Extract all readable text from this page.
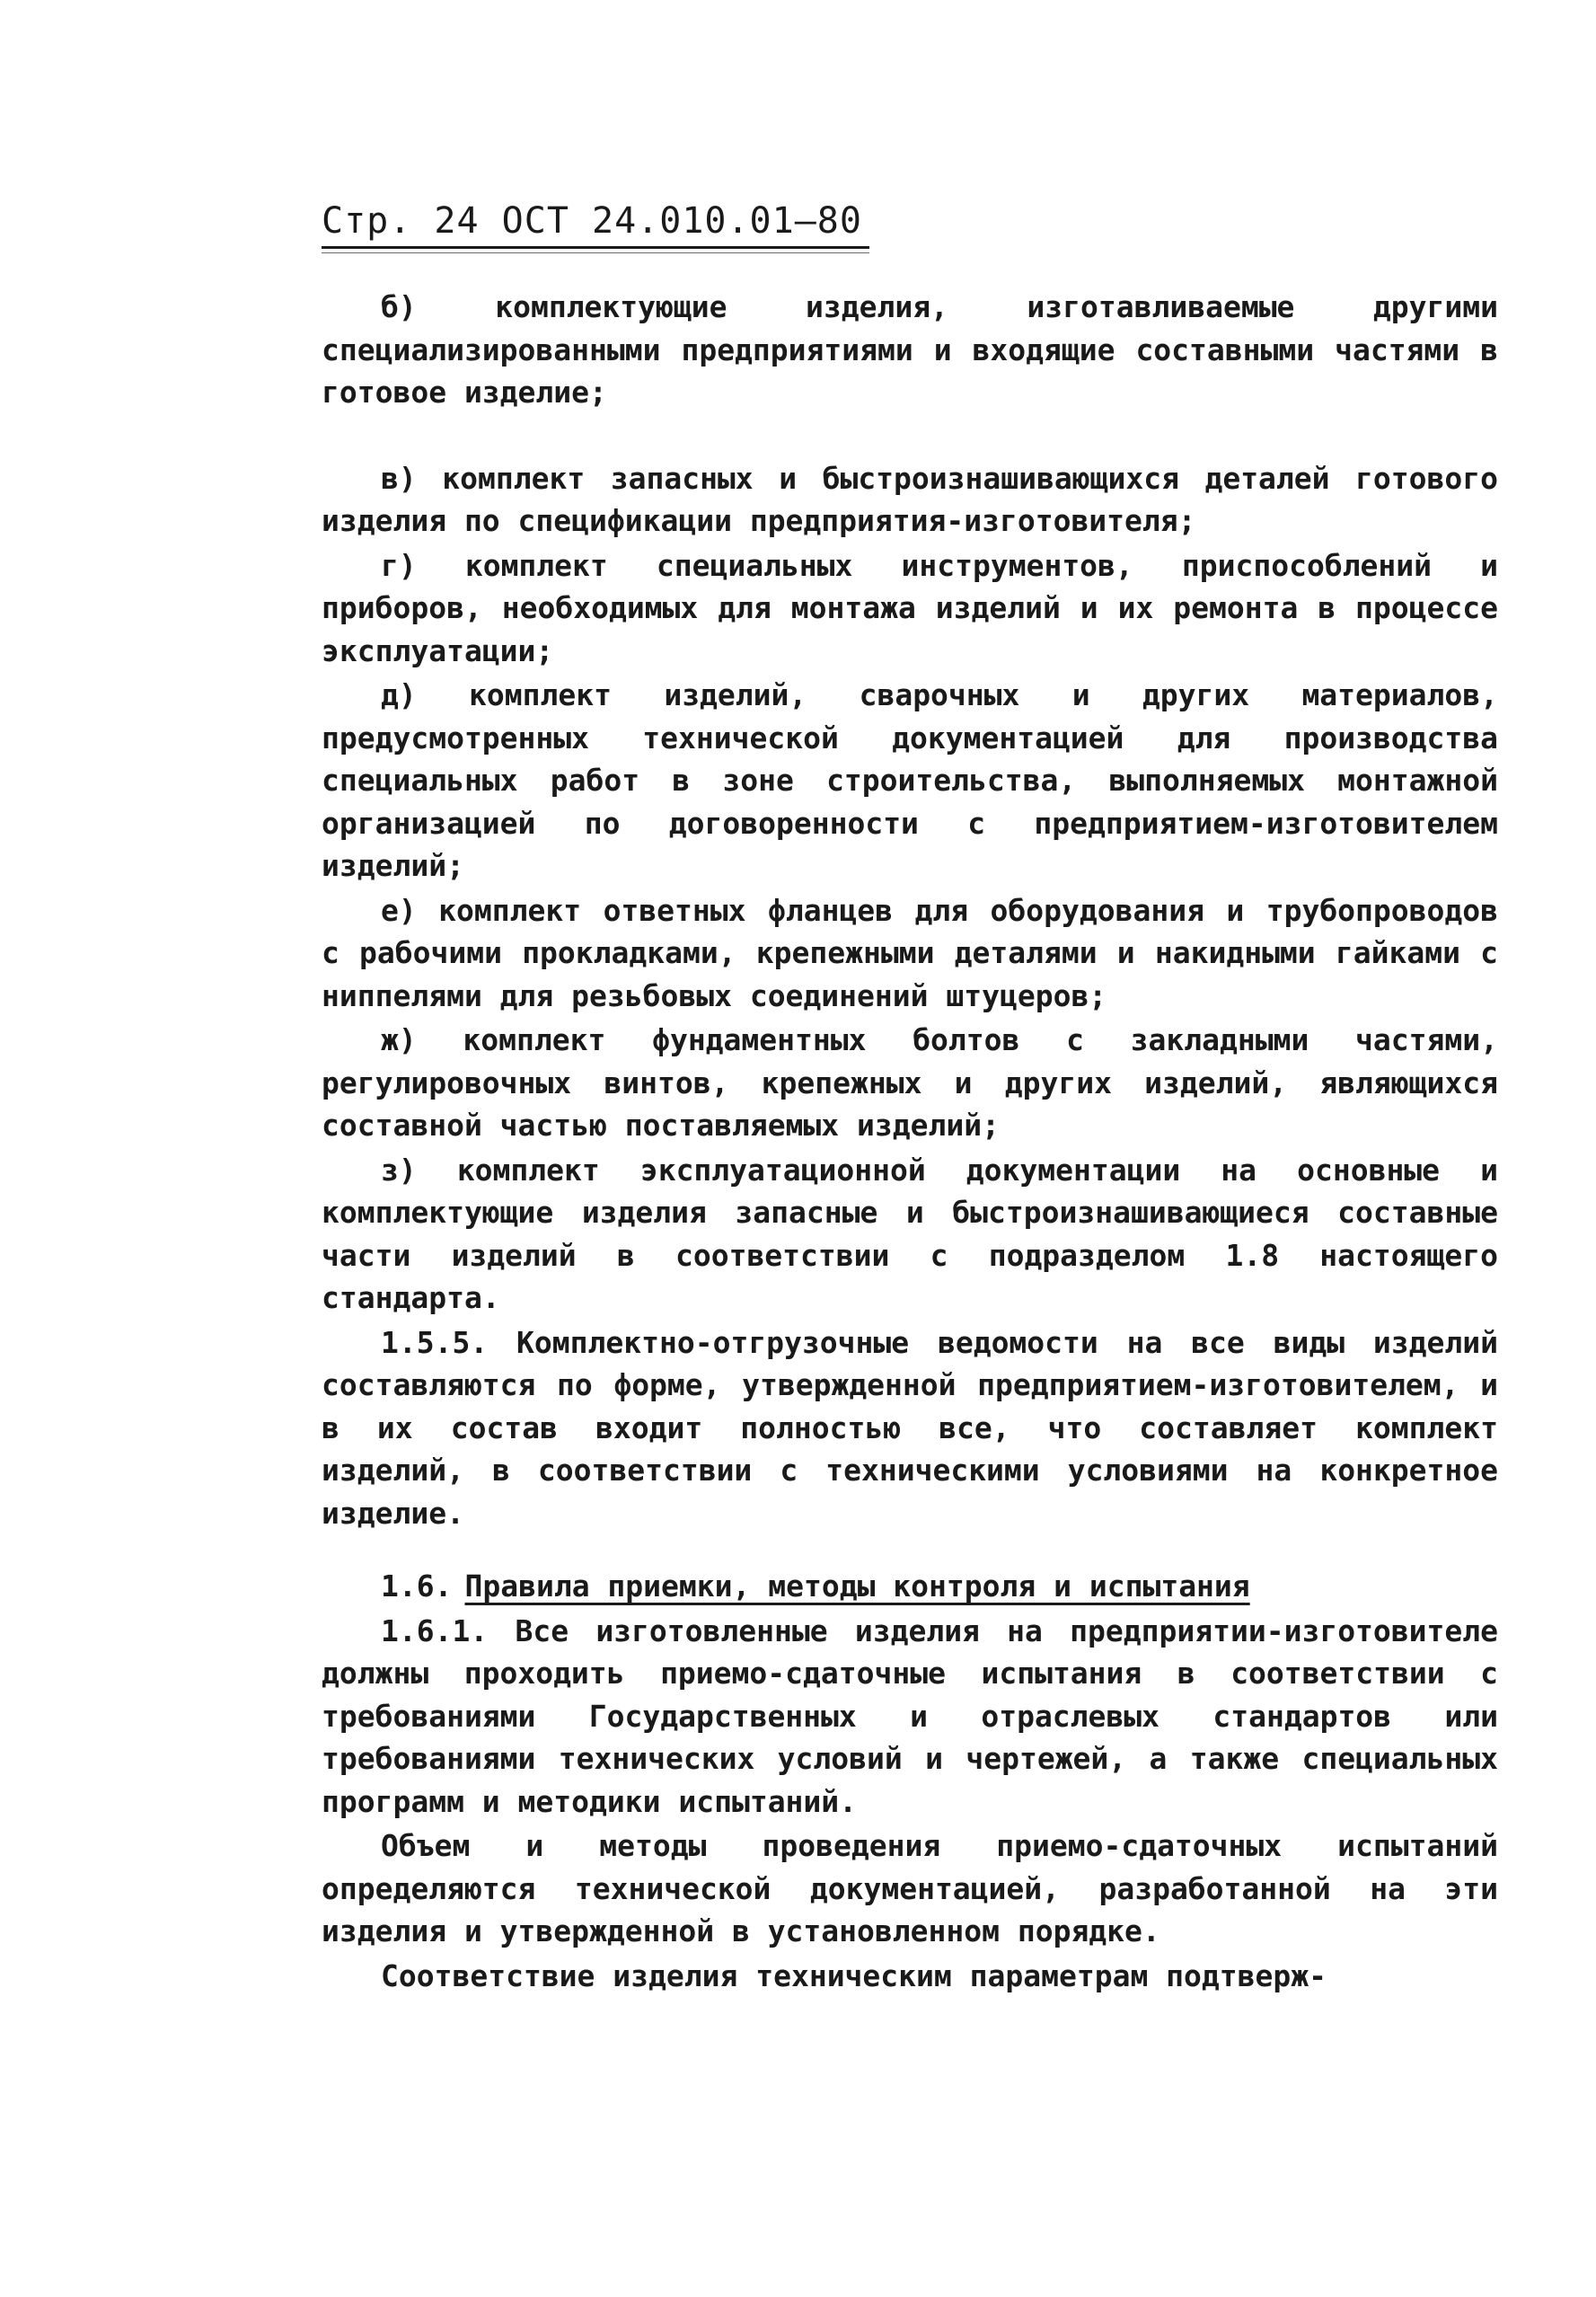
Стр. 24 ОСТ 24.010.01–80

б) комплектующие изделия, изготавливаемые другими специализированными предприятиями и входящие составными частями в готовое изделие;

в) комплект запасных и быстроизнашивающихся деталей готового изделия по спецификации предприятия-изготовителя;

г) комплект специальных инструментов, приспособлений и приборов, необходимых для монтажа изделий и их ремонта в процессе эксплуатации;

д) комплект изделий, сварочных и других материалов, предусмотренных технической документацией для производства специальных работ в зоне строительства, выполняемых монтажной организацией по договоренности с предприятием-изготовителем изделий;

е) комплект ответных фланцев для оборудования и трубопроводов с рабочими прокладками, крепежными деталями и накидными гайками с ниппелями для резьбовых соединений штуцеров;

ж) комплект фундаментных болтов с закладными частями, регулировочных винтов, крепежных и других изделий, являющихся составной частью поставляемых изделий;

з) комплект эксплуатационной документации на основные и комплектующие изделия запасные и быстроизнашивающиеся составные части изделий в соответствии с подразделом 1.8 настоящего стандарта.

1.5.5. Комплектно-отгрузочные ведомости на все виды изделий составляются по форме, утвержденной предприятием-изготовителем, и в их состав входит полностью все, что составляет комплект изделий, в соответствии с техническими условиями на конкретное изделие.

1.6. Правила приемки, методы контроля и испытания

1.6.1. Все изготовленные изделия на предприятии-изготовителе должны проходить приемо-сдаточные испытания в соответствии с требованиями Государственных и отраслевых стандартов или требованиями технических условий и чертежей, а также специальных программ и методики испытаний.

Объем и методы проведения приемо-сдаточных испытаний определяются технической документацией, разработанной на эти изделия и утвержденной в установленном порядке.

Соответствие изделия техническим параметрам подтверж-
